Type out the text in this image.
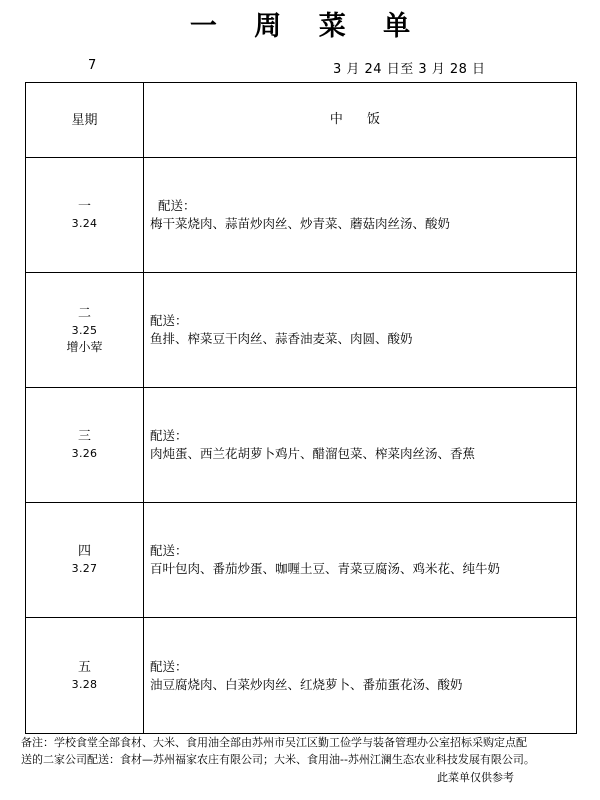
一 周 菜 单
7	3 月 24 日至 3 月 28 日
星期	中 饭
一
3.24
配送：
梅干菜烧肉、蒜苗炒肉丝、炒青菜、蘑菇肉丝汤、酸奶
二
3.25
增小荤
配送：
鱼排、榨菜豆干肉丝、蒜香油麦菜、肉圆、酸奶
三
3.26
配送：
肉炖蛋、西兰花胡萝卜鸡片、醋溜包菜、榨菜肉丝汤、香蕉
四
3.27
配送：
百叶包肉、番茄炒蛋、咖喱土豆、青菜豆腐汤、鸡米花、纯牛奶
五
3.28
配送：
油豆腐烧肉、白菜炒肉丝、红烧萝卜、番茄蛋花汤、酸奶
备注：学校食堂全部食材、大米、食用油全部由苏州市吴江区勤工俭学与装备管理办公室招标采购定点配
送的二家公司配送：食材—苏州福家农庄有限公司；大米、食用油--苏州江澜生态农业科技发展有限公司。
此菜单仅供参考
